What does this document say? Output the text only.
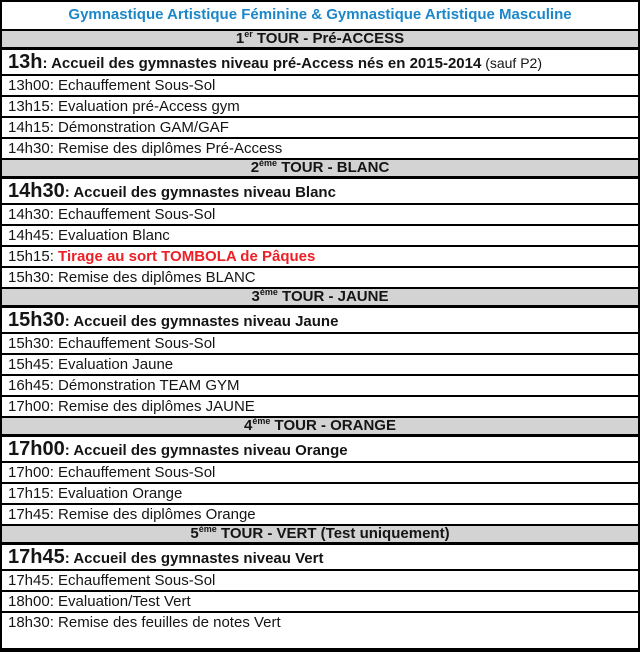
Gymnastique Artistique Féminine & Gymnastique Artistique Masculine
1er TOUR - Pré-ACCESS
13h: Accueil des gymnastes niveau pré-Access nés en 2015-2014 (sauf P2)
13h00: Echauffement Sous-Sol
13h15: Evaluation pré-Access gym
14h15: Démonstration GAM/GAF
14h30: Remise des diplômes Pré-Access
2ème TOUR - BLANC
14h30: Accueil des gymnastes niveau Blanc
14h30: Echauffement Sous-Sol
14h45: Evaluation Blanc
15h15: Tirage au sort TOMBOLA de Pâques
15h30: Remise des diplômes BLANC
3ème TOUR - JAUNE
15h30: Accueil des gymnastes niveau Jaune
15h30: Echauffement Sous-Sol
15h45: Evaluation Jaune
16h45: Démonstration TEAM GYM
17h00: Remise des diplômes JAUNE
4ème TOUR - ORANGE
17h00: Accueil des gymnastes niveau Orange
17h00: Echauffement Sous-Sol
17h15: Evaluation Orange
17h45: Remise des diplômes Orange
5ème TOUR - VERT (Test uniquement)
17h45: Accueil des gymnastes niveau Vert
17h45: Echauffement Sous-Sol
18h00: Evaluation/Test Vert
18h30: Remise des feuilles de notes Vert
